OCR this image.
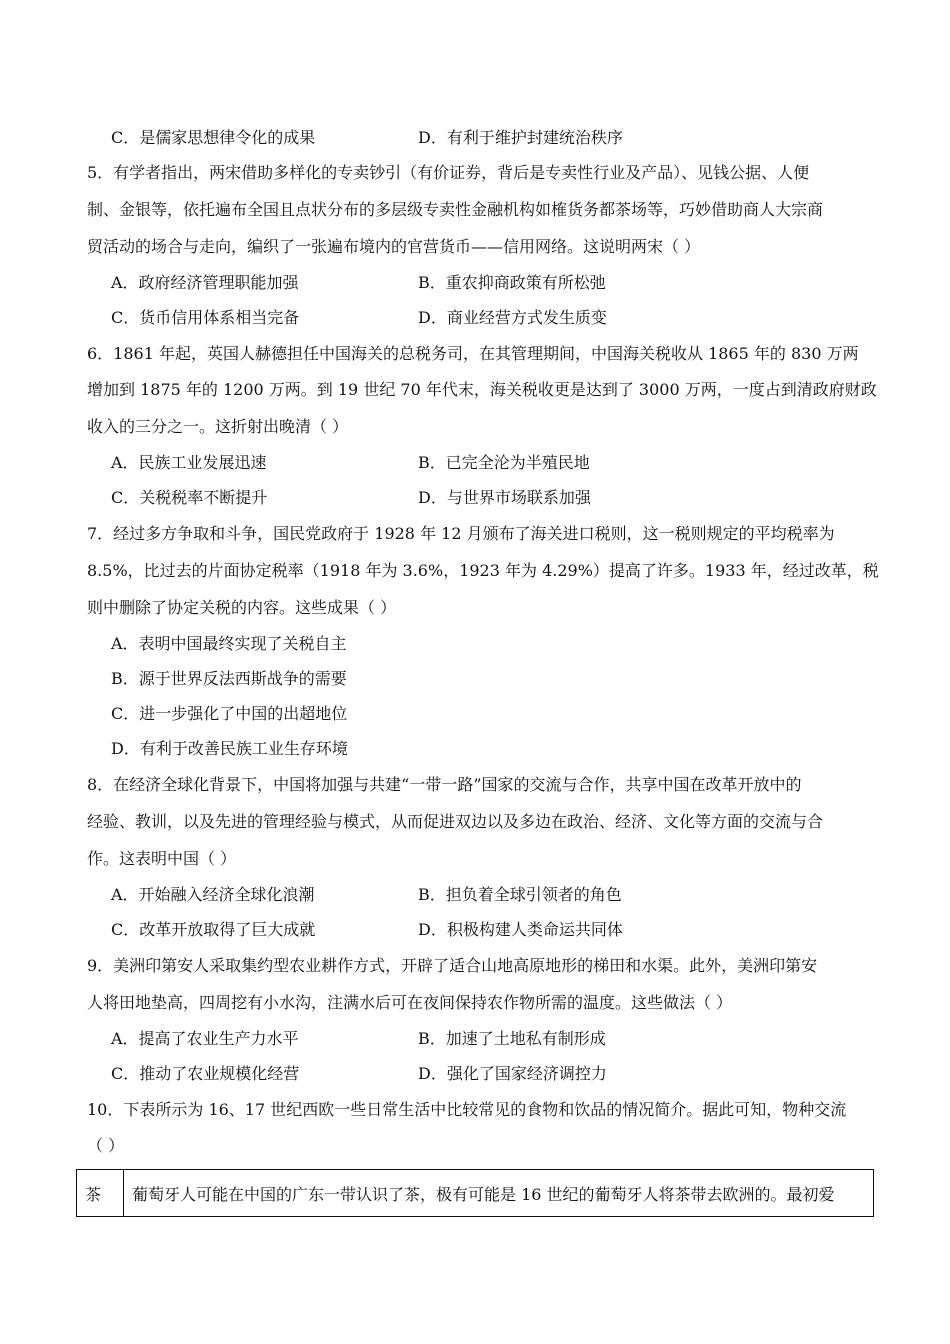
C．是儒家思想律令化的成果	D．有利于维护封建统治秩序
5．有学者指出，两宋借助多样化的专卖钞引（有价证券，背后是专卖性行业及产品）、见钱公据、人便
制、金银等，依托遍布全国且点状分布的多层级专卖性金融机构如榷货务都茶场等，巧妙借助商人大宗商
贸活动的场合与走向，编织了一张遍布境内的官营货币——信用网络。这说明两宋（ ）
A．政府经济管理职能加强	B．重农抑商政策有所松弛
C．货币信用体系相当完备	D．商业经营方式发生质变
6．1861 年起，英国人赫德担任中国海关的总税务司，在其管理期间，中国海关税收从 1865 年的 830 万两
增加到 1875 年的 1200 万两。到 19 世纪 70 年代末，海关税收更是达到了 3000 万两，一度占到清政府财政
收入的三分之一。这折射出晚清（ ）
A．民族工业发展迅速	B．已完全沦为半殖民地
C．关税税率不断提升	D．与世界市场联系加强
7．经过多方争取和斗争，国民党政府于 1928 年 12 月颁布了海关进口税则，这一税则规定的平均税率为
8.5%，比过去的片面协定税率（1918 年为 3.6%，1923 年为 4.29%）提高了许多。1933 年，经过改革，税
则中删除了协定关税的内容。这些成果（ ）
A．表明中国最终实现了关税自主
B．源于世界反法西斯战争的需要
C．进一步强化了中国的出超地位
D．有利于改善民族工业生存环境
8．在经济全球化背景下，中国将加强与共建“一带一路”国家的交流与合作，共享中国在改革开放中的
经验、教训，以及先进的管理经验与模式，从而促进双边以及多边在政治、经济、文化等方面的交流与合
作。这表明中国（ ）
A．开始融入经济全球化浪潮	B．担负着全球引领者的角色
C．改革开放取得了巨大成就	D．积极构建人类命运共同体
9．美洲印第安人采取集约型农业耕作方式，开辟了适合山地高原地形的梯田和水渠。此外，美洲印第安
人将田地垫高，四周挖有小水沟，注满水后可在夜间保持农作物所需的温度。这些做法（ ）
A．提高了农业生产力水平	B．加速了土地私有制形成
C．推动了农业规模化经营	D．强化了国家经济调控力
10．下表所示为 16、17 世纪西欧一些日常生活中比较常见的食物和饮品的情况简介。据此可知，物种交流
（ ）
茶	葡萄牙人可能在中国的广东一带认识了茶，极有可能是 16 世纪的葡萄牙人将茶带去欧洲的。最初爱
